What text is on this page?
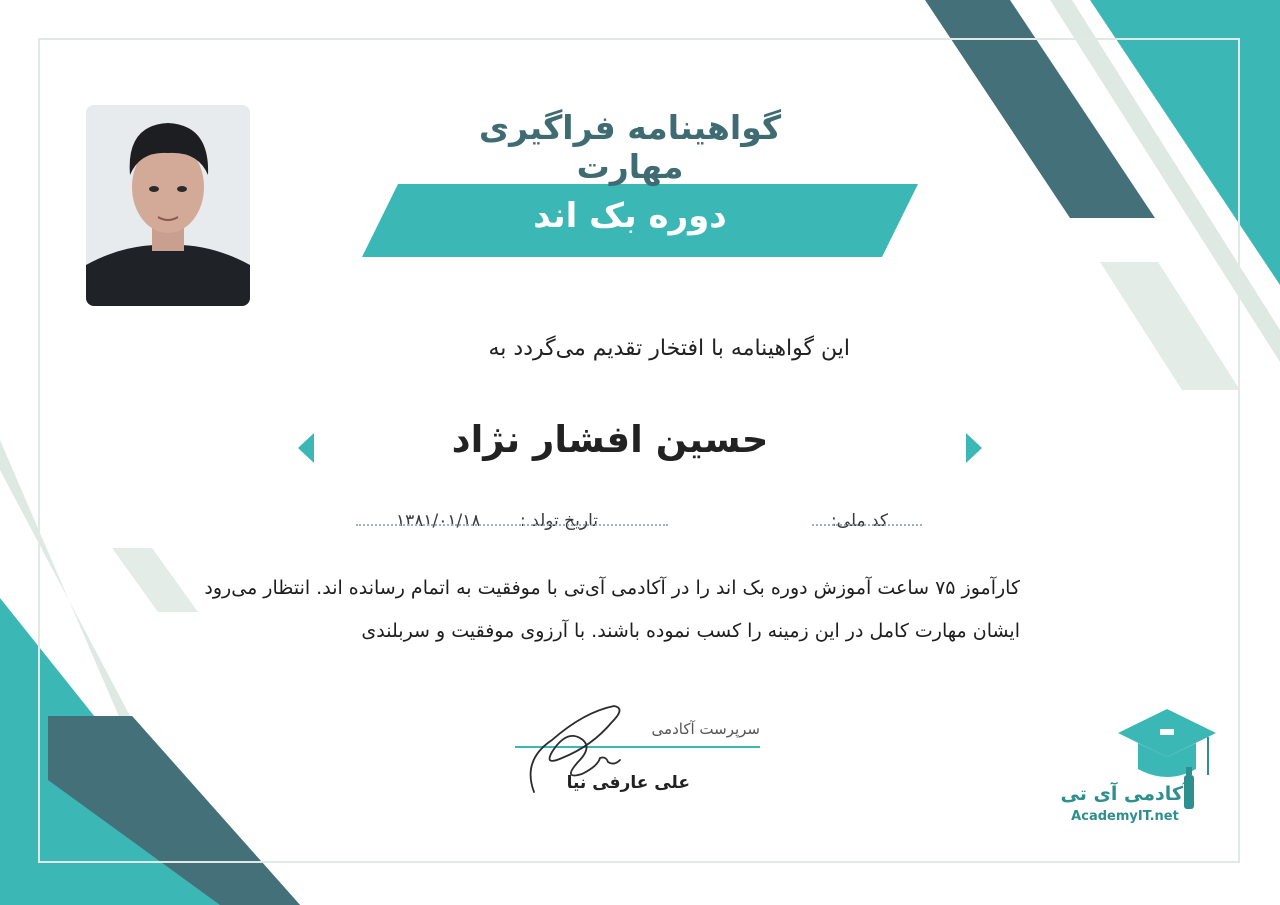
گواهینامه فراگیری مهارت
دوره بک اند
این گواهینامه با افتخار تقدیم می‌گردد به
حسین افشار نژاد
کد ملی:
تاریخ تولد :
۱۳۸۱/۰۱/۱۸
کارآموز ۷۵ ساعت آموزش دوره بک اند را در آکادمی آی‌تی با موفقیت به اتمام رسانده اند. انتظار می‌رود
ایشان مهارت کامل در این زمینه را کسب نموده باشند. با آرزوی موفقیت و سربلندی
سرپرست آکادمی
علی عارفی نیا	آکادمی آی تی
AcademyIT.net
